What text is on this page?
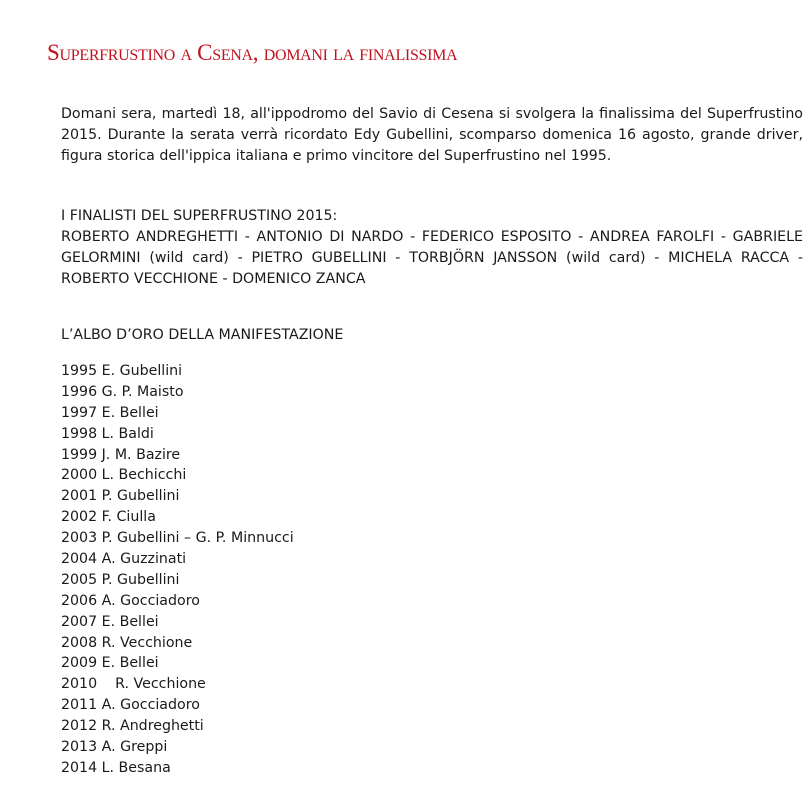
Superfrustino a Csena, domani la finalissima

Domani sera, martedì 18, all'ippodromo del Savio di Cesena si svolgera la finalissima del Superfrustino 2015. Durante la serata verrà ricordato Edy Gubellini, scomparso domenica 16 agosto, grande driver, figura storica dell'ippica italiana e primo vincitore del Superfrustino nel 1995.

I FINALISTI DEL SUPERFRUSTINO 2015:

ROBERTO ANDREGHETTI - ANTONIO DI NARDO - FEDERICO ESPOSITO - ANDREA FAROLFI - GABRIELE GELORMINI (wild card) - PIETRO GUBELLINI - TORBJÖRN JANSSON (wild card) - MICHELA RACCA - ROBERTO VECCHIONE - DOMENICO ZANCA

L’ALBO D’ORO DELLA MANIFESTAZIONE

1995 E. Gubellini
1996 G. P. Maisto
1997 E. Bellei
1998 L. Baldi
1999 J. M. Bazire
2000 L. Bechicchi
2001 P. Gubellini
2002 F. Ciulla
2003 P. Gubellini – G. P. Minnucci
2004 A. Guzzinati
2005 P. Gubellini
2006 A. Gocciadoro
2007 E. Bellei
2008 R. Vecchione
2009 E. Bellei
2010    R. Vecchione
2011 A. Gocciadoro
2012 R. Andreghetti
2013 A. Greppi
2014 L. Besana
